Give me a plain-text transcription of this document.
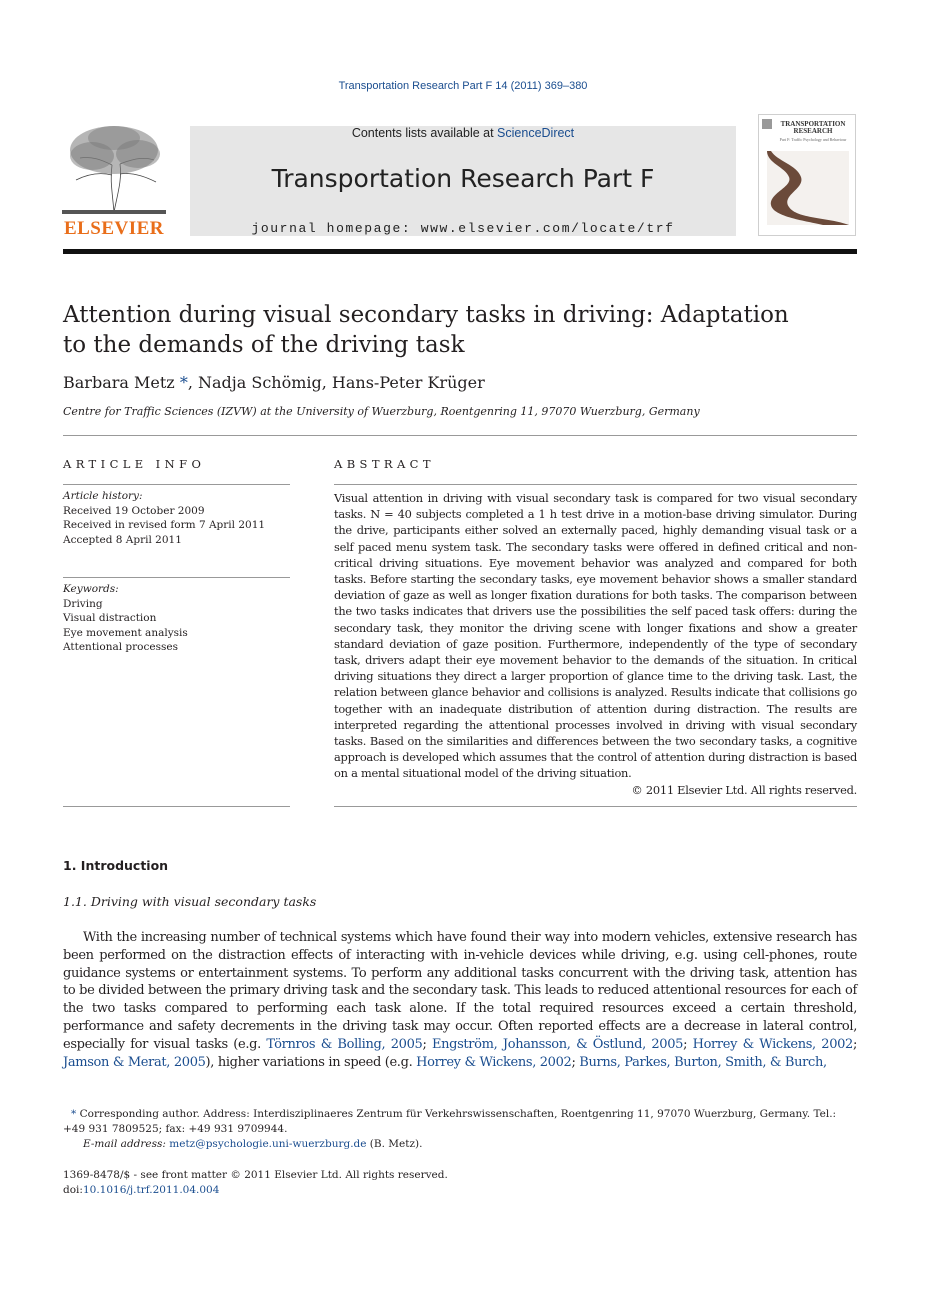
Transportation Research Part F 14 (2011) 369–380
ELSEVIER
Contents lists available at ScienceDirect
Transportation Research Part F
journal homepage: www.elsevier.com/locate/trf
TRANSPORTATION RESEARCH
Part F: Traffic Psychology and Behaviour
Attention during visual secondary tasks in driving: Adaptation
to the demands of the driving task
Barbara Metz *, Nadja Schömig, Hans-Peter Krüger
Centre for Traffic Sciences (IZVW) at the University of Wuerzburg, Roentgenring 11, 97070 Wuerzburg, Germany
ARTICLE INFO
Article history:
Received 19 October 2009
Received in revised form 7 April 2011
Accepted 8 April 2011
Keywords:
Driving
Visual distraction
Eye movement analysis
Attentional processes
ABSTRACT
Visual attention in driving with visual secondary task is compared for two visual secondary tasks. N = 40 subjects completed a 1 h test drive in a motion-base driving simulator. During the drive, participants either solved an externally paced, highly demanding visual task or a self paced menu system task. The secondary tasks were offered in defined critical and non-critical driving situations. Eye movement behavior was analyzed and compared for both tasks. Before starting the secondary tasks, eye movement behavior shows a smaller standard deviation of gaze as well as longer fixation durations for both tasks. The comparison between the two tasks indicates that drivers use the possibilities the self paced task offers: during the secondary task, they monitor the driving scene with longer fixations and show a greater standard deviation of gaze position. Furthermore, independently of the type of secondary task, drivers adapt their eye movement behavior to the demands of the situation. In critical driving situations they direct a larger proportion of glance time to the driving task. Last, the relation between glance behavior and collisions is analyzed. Results indicate that collisions go together with an inadequate distribution of attention during distraction. The results are interpreted regarding the attentional processes involved in driving with visual secondary tasks. Based on the similarities and differences between the two secondary tasks, a cognitive approach is developed which assumes that the control of attention during distraction is based on a mental situational model of the driving situation.
© 2011 Elsevier Ltd. All rights reserved.
1. Introduction
1.1. Driving with visual secondary tasks
With the increasing number of technical systems which have found their way into modern vehicles, extensive research has been performed on the distraction effects of interacting with in-vehicle devices while driving, e.g. using cell-phones, route guidance systems or entertainment systems. To perform any additional tasks concurrent with the driving task, attention has to be divided between the primary driving task and the secondary task. This leads to reduced attentional resources for each of the two tasks compared to performing each task alone. If the total required resources exceed a certain threshold, performance and safety decrements in the driving task may occur. Often reported effects are a decrease in lateral control, especially for visual tasks (e.g. Törnros & Bolling, 2005; Engström, Johansson, & Östlund, 2005; Horrey & Wickens, 2002; Jamson & Merat, 2005), higher variations in speed (e.g. Horrey & Wickens, 2002; Burns, Parkes, Burton, Smith, & Burch,
* Corresponding author. Address: Interdisziplinaeres Zentrum für Verkehrswissenschaften, Roentgenring 11, 97070 Wuerzburg, Germany. Tel.: +49 931 7809525; fax: +49 931 9709944.
E-mail address: metz@psychologie.uni-wuerzburg.de (B. Metz).
1369-8478/$ - see front matter © 2011 Elsevier Ltd. All rights reserved.
doi:10.1016/j.trf.2011.04.004
